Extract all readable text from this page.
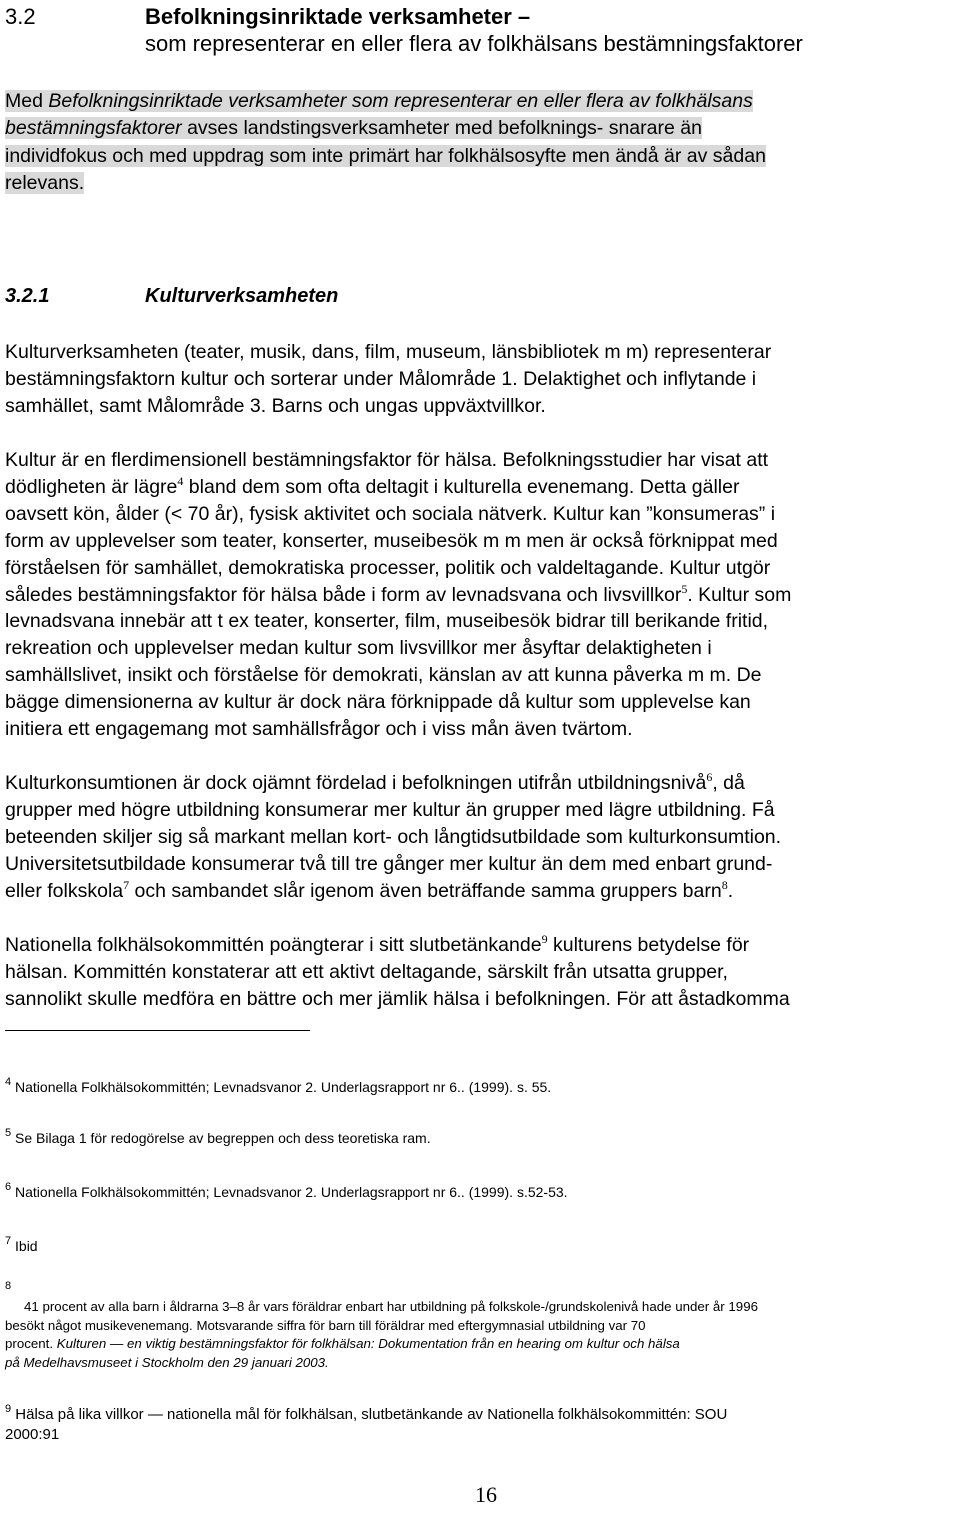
3.2	Befolkningsinriktade verksamheter –
som representerar en eller flera av folkhälsans bestämningsfaktorer
Med Befolkningsinriktade verksamheter som representerar en eller flera av folkhälsans
bestämningsfaktorer avses landstingsverksamheter med befolknings- snarare än
individfokus och med uppdrag som inte primärt har folkhälsosyfte men ändå är av sådan
relevans.
3.2.1	Kulturverksamheten
Kulturverksamheten (teater, musik, dans, film, museum, länsbibliotek m m) representerar
bestämningsfaktorn kultur och sorterar under Målområde 1. Delaktighet och inflytande i
samhället, samt Målområde 3. Barns och ungas uppväxtvillkor.
Kultur är en flerdimensionell bestämningsfaktor för hälsa. Befolkningsstudier har visat att
dödligheten är lägre$^4$ bland dem som ofta deltagit i kulturella evenemang. Detta gäller
oavsett kön, ålder (< 70 år), fysisk aktivitet och sociala nätverk. Kultur kan ”konsumeras” i
form av upplevelser som teater, konserter, museibesök m m men är också förknippat med
förståelsen för samhället, demokratiska processer, politik och valdeltagande. Kultur utgör
således bestämningsfaktor för hälsa både i form av levnadsvana och livsvillkor$^5$. Kultur som
levnadsvana innebär att t ex teater, konserter, film, museibesök bidrar till berikande fritid,
rekreation och upplevelser medan kultur som livsvillkor mer åsyftar delaktigheten i
samhällslivet, insikt och förståelse för demokrati, känslan av att kunna påverka m m. De
bägge dimensionerna av kultur är dock nära förknippade då kultur som upplevelse kan
initiera ett engagemang mot samhällsfrågor och i viss mån även tvärtom.
Kulturkonsumtionen är dock ojämnt fördelad i befolkningen utifrån utbildningsnivå$^6$, då
grupper med högre utbildning konsumerar mer kultur än grupper med lägre utbildning. Få
beteenden skiljer sig så markant mellan kort- och långtidsutbildade som kulturkonsumtion.
Universitetsutbildade konsumerar två till tre gånger mer kultur än dem med enbart grund-
eller folkskola$^7$ och sambandet slår igenom även beträffande samma gruppers barn$^8$.
Nationella folkhälsokommittén poängterar i sitt slutbetänkande$^9$ kulturens betydelse för
hälsan. Kommittén konstaterar att ett aktivt deltagande, särskilt från utsatta grupper,
sannolikt skulle medföra en bättre och mer jämlik hälsa i befolkningen. För att åstadkomma
$^4$ Nationella Folkhälsokommittén; Levnadsvanor 2. Underlagsrapport nr 6.. (1999). s. 55.
$^5$ Se Bilaga 1 för redogörelse av begreppen och dess teoretiska ram.
$^6$ Nationella Folkhälsokommittén; Levnadsvanor 2. Underlagsrapport nr 6.. (1999). s.52-53.
$^7$ Ibid
$^8$
41 procent av alla barn i åldrarna 3–8 år vars föräldrar enbart har utbildning på folkskole-/grundskolenivå hade under år 1996
besökt något musikevenemang. Motsvarande siffra för barn till föräldrar med eftergymnasial utbildning var 70
procent. Kulturen — en viktig bestämningsfaktor för folkhälsan: Dokumentation från en hearing om kultur och hälsa
på Medelhavsmuseet i Stockholm den 29 januari 2003.
$^9$ Hälsa på lika villkor — nationella mål för folkhälsan, slutbetänkande av Nationella folkhälsokommittén: SOU
2000:91
16
